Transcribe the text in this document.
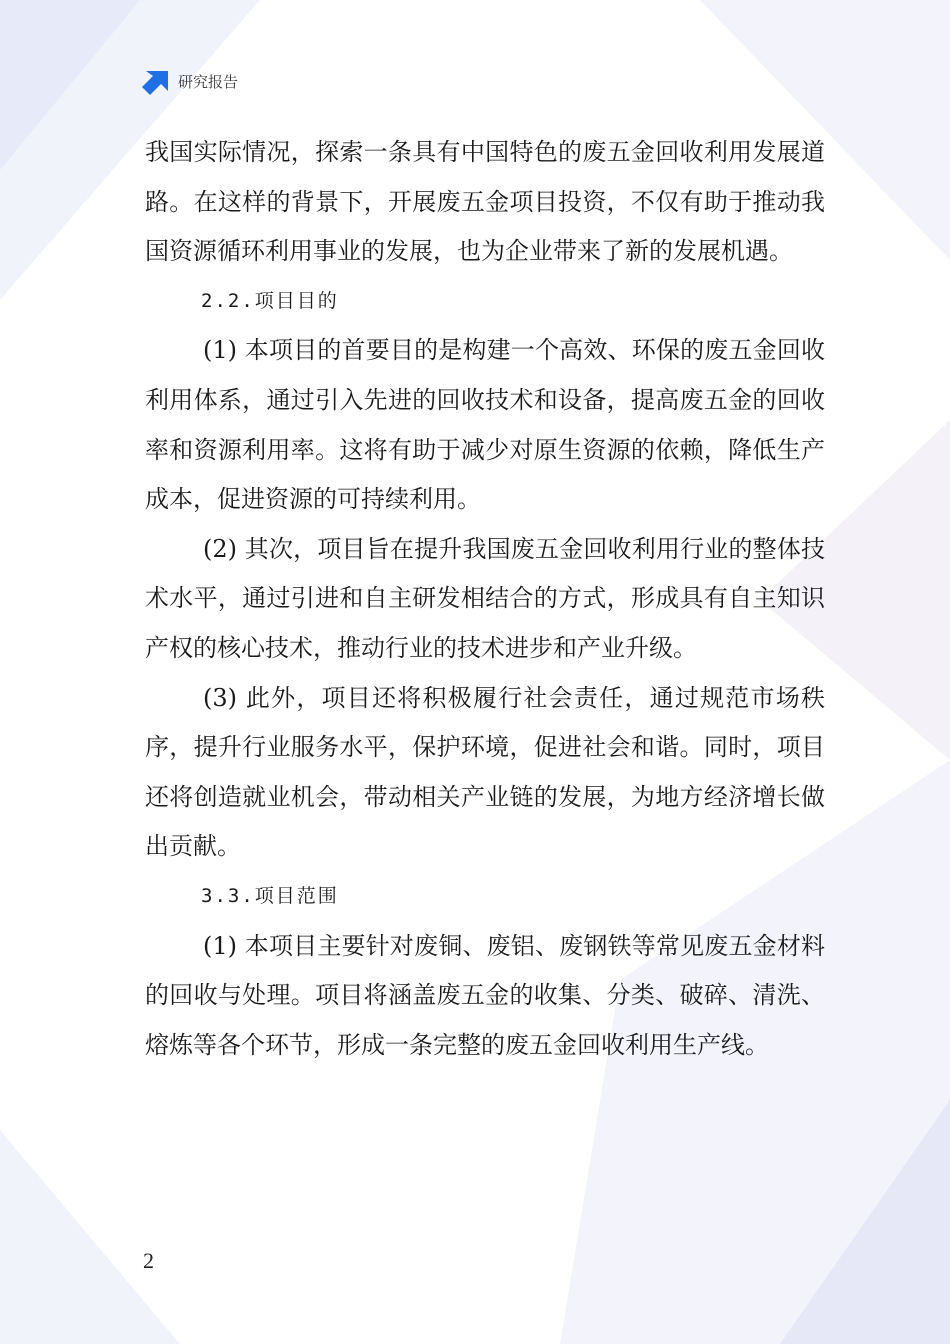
研究报告

我国实际情况，探索一条具有中国特色的废五金回收利用发展道路。在这样的背景下，开展废五金项目投资，不仅有助于推动我国资源循环利用事业的发展，也为企业带来了新的发展机遇。

2.2.项目目的

(1) 本项目的首要目的是构建一个高效、环保的废五金回收利用体系，通过引入先进的回收技术和设备，提高废五金的回收率和资源利用率。这将有助于减少对原生资源的依赖，降低生产成本，促进资源的可持续利用。

(2) 其次，项目旨在提升我国废五金回收利用行业的整体技术水平，通过引进和自主研发相结合的方式，形成具有自主知识产权的核心技术，推动行业的技术进步和产业升级。

(3) 此外，项目还将积极履行社会责任，通过规范市场秩序，提升行业服务水平，保护环境，促进社会和谐。同时，项目还将创造就业机会，带动相关产业链的发展，为地方经济增长做出贡献。

3.3.项目范围

(1) 本项目主要针对废铜、废铝、废钢铁等常见废五金材料的回收与处理。项目将涵盖废五金的收集、分类、破碎、清洗、熔炼等各个环节，形成一条完整的废五金回收利用生产线。

2
